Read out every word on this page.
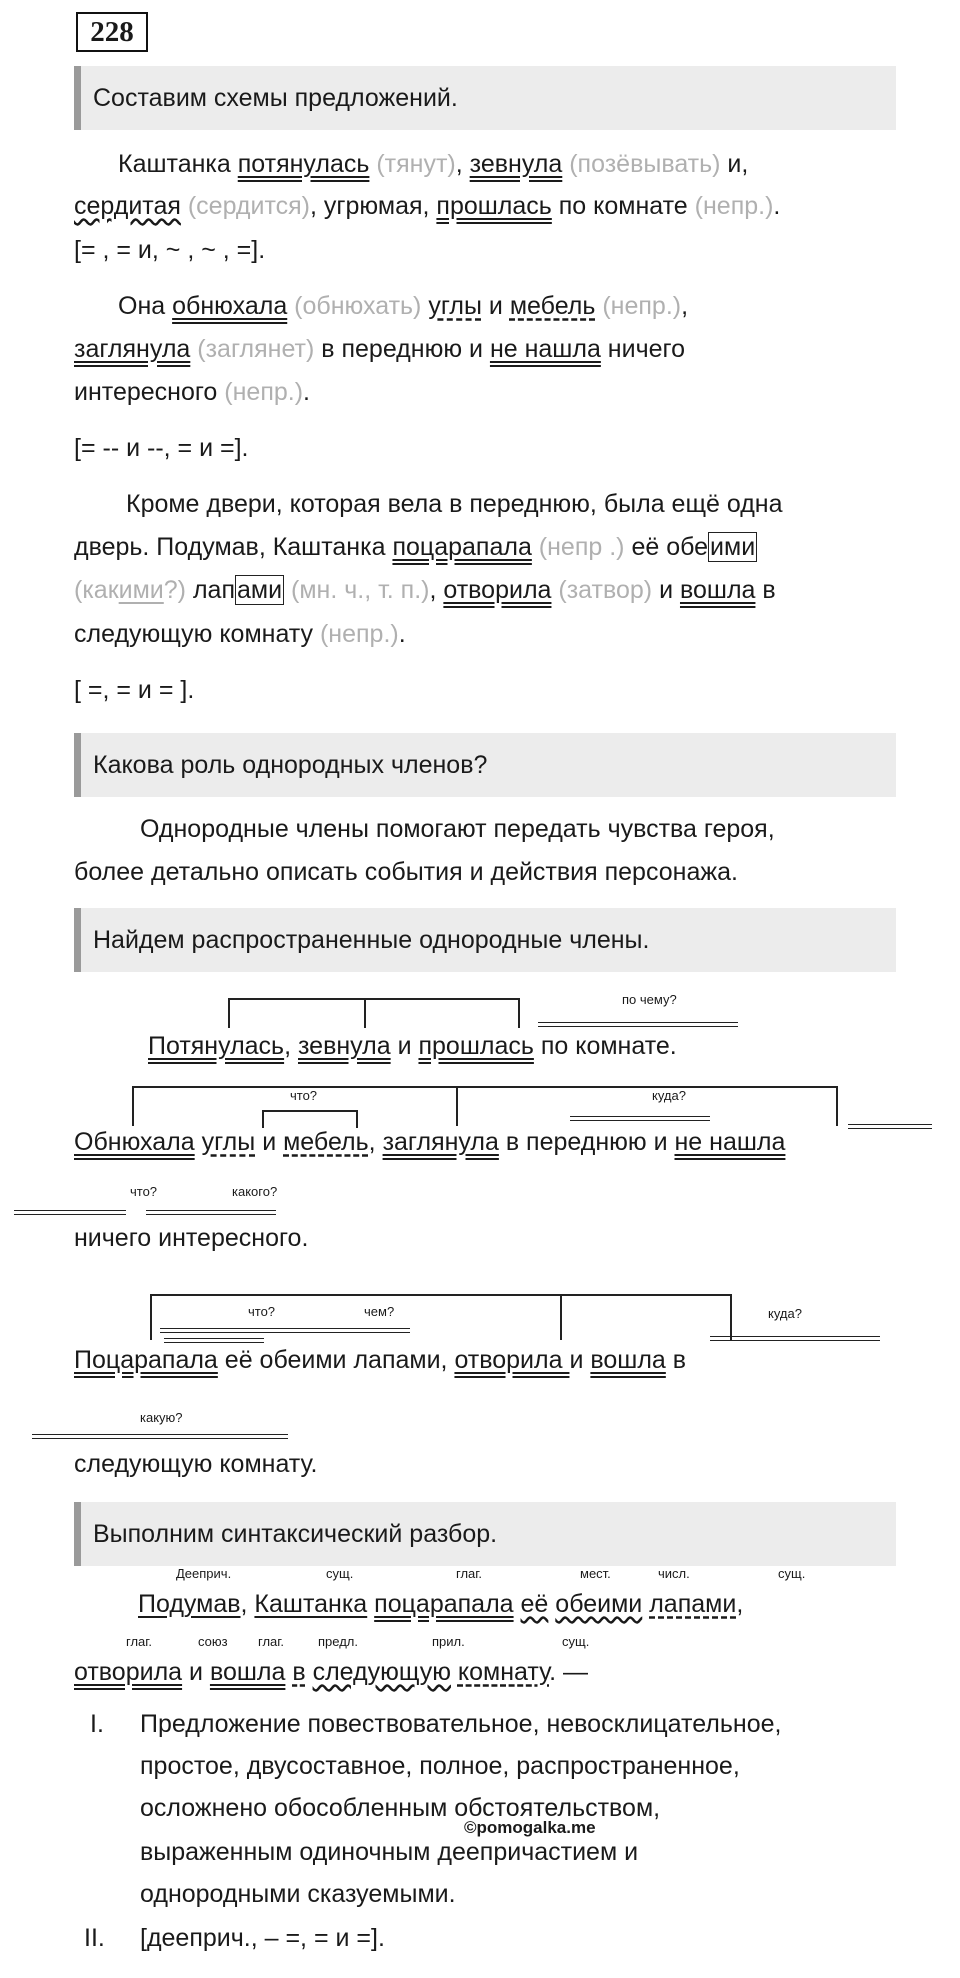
228
Составим схемы предложений.
Каштанка потянулась (тянут), зевнула (позёвывать) и,
сердитая (сердится), угрюмая, прошлась по комнате (непр.).
[= , = и, ~ , ~ , =].
Она обнюхала (обнюхать) углы и мебель (непр.),
заглянула (заглянет) в переднюю и не нашла ничего
интересного (непр.).
[= -- и --, = и =].
Кроме двери, которая вела в переднюю, была ещё одна
дверь. Подумав, Каштанка поцарапала (непр .) её обеими
(какими?) лапами (мн. ч., т. п.), отворила (затвор) и вошла в
следующую комнату (непр.).
[ =, = и = ].
Какова роль однородных членов?
Однородные члены помогают передать чувства героя,
более детально описать события и действия персонажа.
Найдем распространенные однородные члены.
по чему?
Потянулась, зевнула и прошлась по комнате.
что?	куда?
Обнюхала углы и мебель, заглянула в переднюю и не нашла
что?	какого?
ничего интересного.
что?	чем?	куда?
Поцарапала её обеими лапами, отворила и вошла в
какую?
следующую комнату.
Выполним синтаксический разбор.
Деeприч.	сущ.	глаг.	мест.	числ.	сущ.
Подумав, Каштанка поцарапала её обеими лапами,
глаг.	союз глаг.	предл.	прил.	сущ.
отворила и вошла в следующую комнату. —
I. Предложение повествовательное, невосклицательное,
простое, двусоставное, полное, распространенное,
осложнено обособленным обстоятельством,
©pomogalka.me
выраженным одиночным деепричастием и
однородными сказуемыми.
II. [дееприч., – =, = и =].
